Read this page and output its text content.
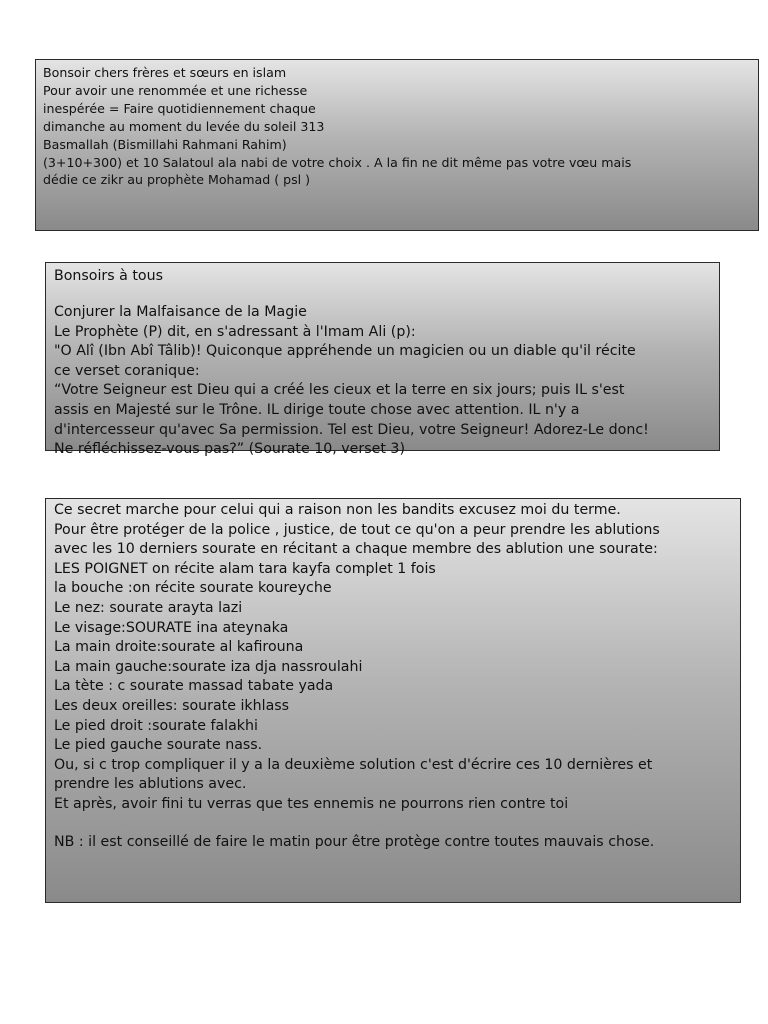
Bonsoir chers frères et sœurs en islam
Pour avoir une renommée et une richesse
inespérée = Faire quotidiennement chaque
dimanche au moment du levée du soleil 313
Basmallah (Bismillahi Rahmani Rahim)
(3+10+300) et 10 Salatoul ala nabi de votre choix . A la fin ne dit même pas votre vœu mais
dédie ce zikr au prophète Mohamad ( psl )
Bonsoirs à tous
Conjurer la Malfaisance de la Magie
Le Prophète (P) dit, en s'adressant à l'Imam Ali (p):
"O Alî (Ibn Abî Tâlib)! Quiconque appréhende un magicien ou un diable qu'il récite
ce verset coranique:
“Votre Seigneur est Dieu qui a créé les cieux et la terre en six jours; puis IL s'est
assis en Majesté sur le Trône. IL dirige toute chose avec attention. IL n'y a
d'intercesseur qu'avec Sa permission. Tel est Dieu, votre Seigneur! Adorez-Le donc!
Ne réfléchissez-vous pas?” (Sourate 10, verset 3)
Ce secret marche pour celui qui a raison non les bandits excusez moi du terme.
Pour être protéger de la police , justice, de tout ce qu'on a peur prendre les ablutions
avec les 10 derniers sourate en récitant a chaque membre des ablution une sourate:
LES POIGNET on récite alam tara kayfa complet 1 fois
la bouche :on récite sourate koureyche
Le nez: sourate arayta lazi
Le visage:SOURATE ina ateynaka
La main droite:sourate al kafirouna
La main gauche:sourate iza dja nassroulahi
La tète : c sourate massad tabate yada
Les deux oreilles: sourate ikhlass
Le pied droit :sourate falakhi
Le pied gauche sourate nass.
Ou, si c trop compliquer il y a la deuxième solution c'est d'écrire ces 10 dernières et
prendre les ablutions avec.
Et après, avoir fini tu verras que tes ennemis ne pourrons rien contre toi
NB : il est conseillé de faire le matin pour être protège contre toutes mauvais chose.
